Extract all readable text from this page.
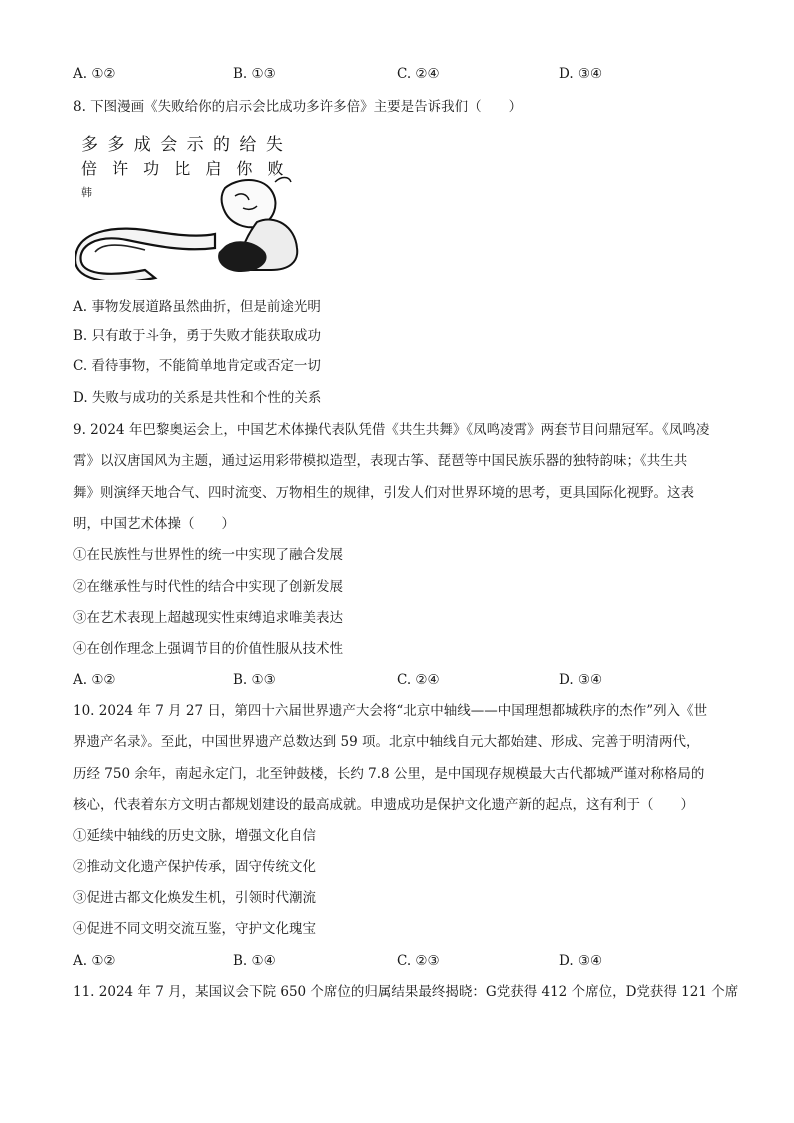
A. ①②	B. ①③	C. ②④	D. ③④
8. 下图漫画《失败给你的启示会比成功多许多倍》主要是告诉我们（　　）
多 多 成 会 示 的 给 失
倍 许 功 比 启 你 败
韩
A. 事物发展道路虽然曲折，但是前途光明
B. 只有敢于斗争，勇于失败才能获取成功
C. 看待事物，不能简单地肯定或否定一切
D. 失败与成功的关系是共性和个性的关系
9. 2024 年巴黎奥运会上，中国艺术体操代表队凭借《共生共舞》《凤鸣凌霄》两套节目问鼎冠军。《凤鸣凌
霄》以汉唐国风为主题，通过运用彩带模拟造型，表现古筝、琵琶等中国民族乐器的独特韵味；《共生共
舞》则演绎天地合气、四时流变、万物相生的规律，引发人们对世界环境的思考，更具国际化视野。这表
明，中国艺术体操（　　）
①在民族性与世界性的统一中实现了融合发展
②在继承性与时代性的结合中实现了创新发展
③在艺术表现上超越现实性束缚追求唯美表达
④在创作理念上强调节目的价值性服从技术性
A. ①②	B. ①③	C. ②④	D. ③④
10. 2024 年 7 月 27 日，第四十六届世界遗产大会将“北京中轴线——中国理想都城秩序的杰作”列入《世
界遗产名录》。至此，中国世界遗产总数达到 59 项。北京中轴线自元大都始建、形成、完善于明清两代，
历经 750 余年，南起永定门，北至钟鼓楼，长约 7.8 公里，是中国现存规模最大古代都城严谨对称格局的
核心，代表着东方文明古都规划建设的最高成就。申遗成功是保护文化遗产新的起点，这有利于（　　）
①延续中轴线的历史文脉，增强文化自信
②推动文化遗产保护传承，固守传统文化
③促进古都文化焕发生机，引领时代潮流
④促进不同文明交流互鉴，守护文化瑰宝
A. ①②	B. ①④	C. ②③	D. ③④
11. 2024 年 7 月，某国议会下院 650 个席位的归属结果最终揭晓：G党获得 412 个席位，D党获得 121 个席
